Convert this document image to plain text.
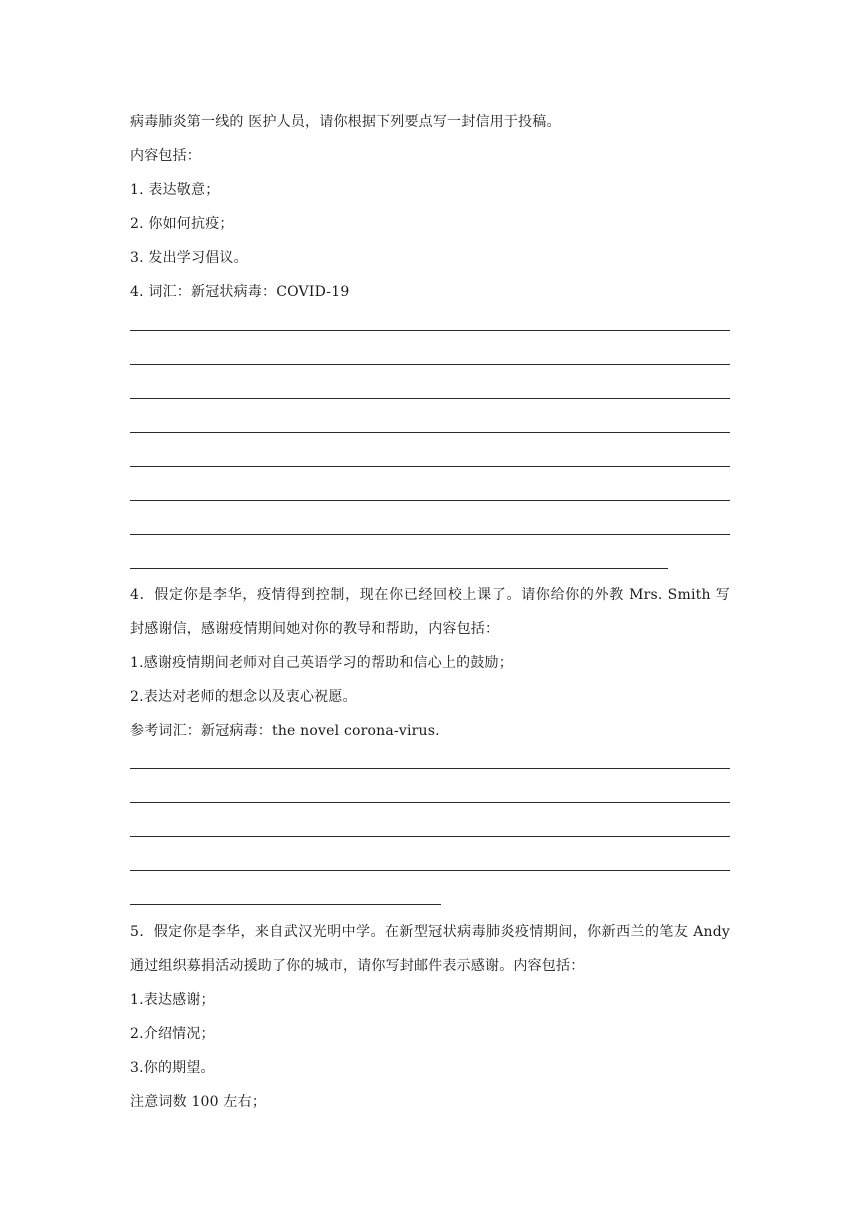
病毒肺炎第一线的 医护人员，请你根据下列要点写一封信用于投稿。
内容包括：
1. 表达敬意；
2. 你如何抗疫；
3. 发出学习倡议。
4. 词汇：新冠状病毒：COVID-19
4．假定你是李华，疫情得到控制，现在你已经回校上课了。请你给你的外教 Mrs. Smith 写
封感谢信，感谢疫情期间她对你的教导和帮助，内容包括：
1.感谢疫情期间老师对自己英语学习的帮助和信心上的鼓励；
2.表达对老师的想念以及衷心祝愿。
参考词汇：新冠病毒：the novel corona-virus.
5．假定你是李华，来自武汉光明中学。在新型冠状病毒肺炎疫情期间，你新西兰的笔友 Andy
通过组织募捐活动援助了你的城市，请你写封邮件表示感谢。内容包括：
1.表达感谢；
2.介绍情况；
3.你的期望。
注意词数 100 左右；
